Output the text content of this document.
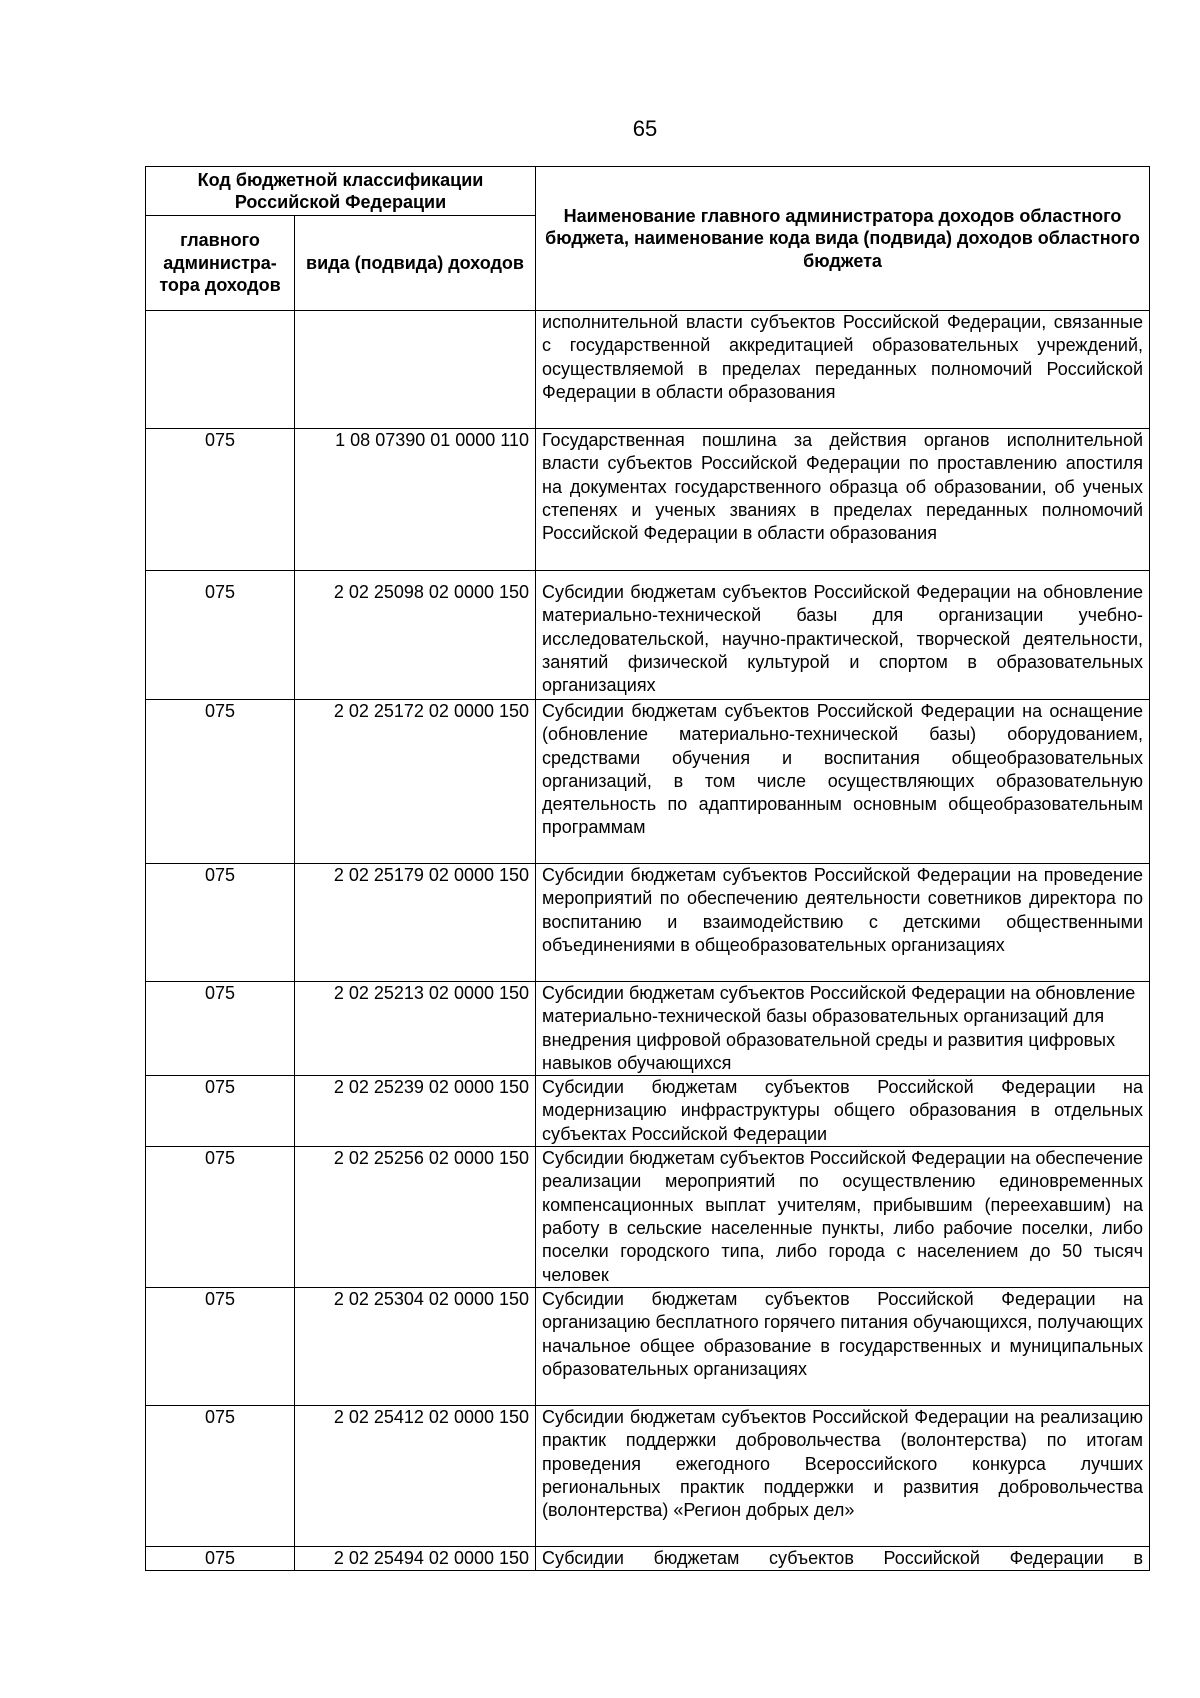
65
Код бюджетной классификации Российской Федерации		Наименование главного администратора доходов областного бюджета, наименование кода вида (подвида) доходов областного бюджета
главного администра-тора доходов	вида (подвида) доходов	
		исполнительной власти субъектов Российской Федерации, связанные с государственной аккредитацией образовательных учреждений, осуществляемой в пределах переданных полномочий Российской Федерации в области образования
075	1 08 07390 01 0000 110	Государственная пошлина за действия органов исполнительной власти субъектов Российской Федерации по проставлению апостиля на документах государственного образца об образовании, об ученых степенях и ученых званиях в пределах переданных полномочий Российской Федерации в области образования
075	2 02 25098 02 0000 150	Субсидии бюджетам субъектов Российской Федерации на обновление материально-технической базы для организации учебно-исследовательской, научно-практической, творческой деятельности, занятий физической культурой и спортом в образовательных организациях
075	2 02 25172 02 0000 150	Субсидии бюджетам субъектов Российской Федерации на оснащение (обновление материально-технической базы) оборудованием, средствами обучения и воспитания общеобразовательных организаций, в том числе осуществляющих образовательную деятельность по адаптированным основным общеобразовательным программам
075	2 02 25179 02 0000 150	Субсидии бюджетам субъектов Российской Федерации на проведение мероприятий по обеспечению деятельности советников директора по воспитанию и взаимодействию с детскими общественными объединениями в общеобразовательных организациях
075	2 02 25213 02 0000 150	Субсидии бюджетам субъектов Российской Федерации на обновление материально-технической базы образовательных организаций для внедрения цифровой образовательной среды и развития цифровых навыков обучающихся
075	2 02 25239 02 0000 150	Субсидии бюджетам субъектов Российской Федерации на модернизацию инфраструктуры общего образования в отдельных субъектах Российской Федерации
075	2 02 25256 02 0000 150	Субсидии бюджетам субъектов Российской Федерации на обеспечение реализации мероприятий по осуществлению единовременных компенсационных выплат учителям, прибывшим (переехавшим) на работу в сельские населенные пункты, либо рабочие поселки, либо поселки городского типа, либо города с населением до 50 тысяч человек
075	2 02 25304 02 0000 150	Субсидии бюджетам субъектов Российской Федерации на организацию бесплатного горячего питания обучающихся, получающих начальное общее образование в государственных и муниципальных образовательных организациях
075	2 02 25412 02 0000 150	Субсидии бюджетам субъектов Российской Федерации на реализацию практик поддержки добровольчества (волонтерства) по итогам проведения ежегодного Всероссийского конкурса лучших региональных практик поддержки и развития добровольчества (волонтерства) «Регион добрых дел»
075	2 02 25494 02 0000 150	Субсидии бюджетам субъектов Российской Федерации в
